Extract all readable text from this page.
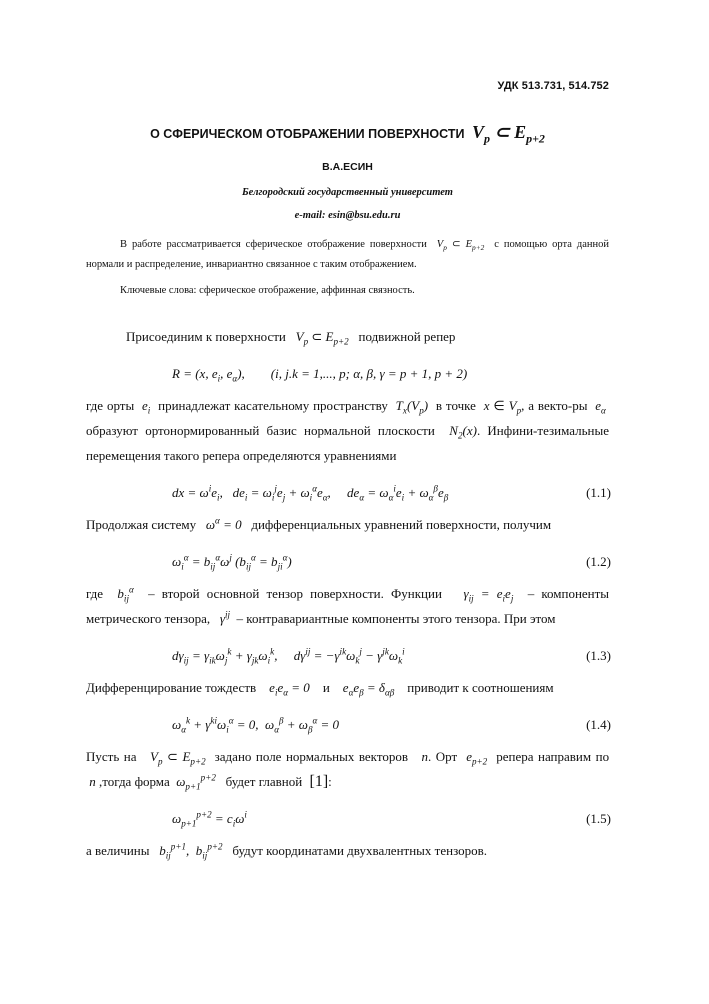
УДК 513.731, 514.752
О СФЕРИЧЕСКОМ ОТОБРАЖЕНИИ ПОВЕРХНОСТИ $V_p$ ⊂ $E_{p+2}$
В.А.ЕСИН
Белгородский государственный университет
e-mail: esin@bsu.edu.ru
В работе рассматривается сферическое отображение поверхности  $V_p$ ⊂ $E_{p+2}$ с помощью орта данной нормали и распределение, инвариантно связанное с таким отображением.
Ключевые слова: сферическое отображение, аффинная связность.

Присоединим к поверхности   $V_p$ ⊂ $E_{p+2}$ подвижной репер

R = (x, $e_i$, $e_\alpha$),        (i, j.k = 1,..., p; α, β, γ = p + 1, p + 2)

где орты  $e_i$ принадлежат касательному пространству  $T_x(V_p)$  в точке  x ∈ $V_p$, а векто-ры  $e_\alpha$  образуют ортонормированный базис нормальной плоскости  $N_2(x)$. Инфини-тезимальные перемещения такого репера определяются уравнениями

dx = $\omega^ie_i$,   $de_i = \omega_i^je_j + \omega_i^\alpha e_\alpha$,     $de_\alpha = \omega_\alpha^ie_i + \omega_\alpha^\beta e_\beta$	(1.1)

Продолжая систему   $\omega^\alpha = 0$   дифференциальных уравнений поверхности, получим

$\omega_i^\alpha = b_{ij}^\alpha\omega^j$ $(b_{ij}^\alpha = b_{ji}^\alpha)$	(1.2)

где  $b_{ij}^\alpha$ – второй основной тензор поверхности. Функции   $\gamma_{ij} = e_ie_j$ – компоненты метрического тензора,   $\gamma^{ij}$ – контравариантные компоненты этого тензора. При этом

$d\gamma_{ij} = \gamma_{ik}\omega_j^k + \gamma_{jk}\omega_i^k$,     $d\gamma^{ij} = -\gamma^{ik}\omega_k^j - \gamma^{jk}\omega_k^i$	(1.3)

Дифференцирование тождеств    $e_ie_\alpha = 0$    и    $e_\alpha e_\beta = \delta_{\alpha\beta}$ приводит к соотношениям

$\omega_\alpha^k + \gamma^{ki}\omega_i^\alpha = 0$,  $\omega_\alpha^\beta + \omega_\beta^\alpha = 0$	(1.4)

Пусть на   $V_p$ ⊂ $E_{p+2}$ задано поле нормальных векторов   n. Орт  $e_{p+2}$ репера направим по  n ,тогда форма  $\omega_{p+1}^{p+2}$ будет главной  [1]:

$\omega_{p+1}^{p+2} = c_i\omega^i$	(1.5)

а величины   $b_{ij}^{p+1}$,  $b_{ij}^{p+2}$ будут координатами двухвалентных тензоров.
